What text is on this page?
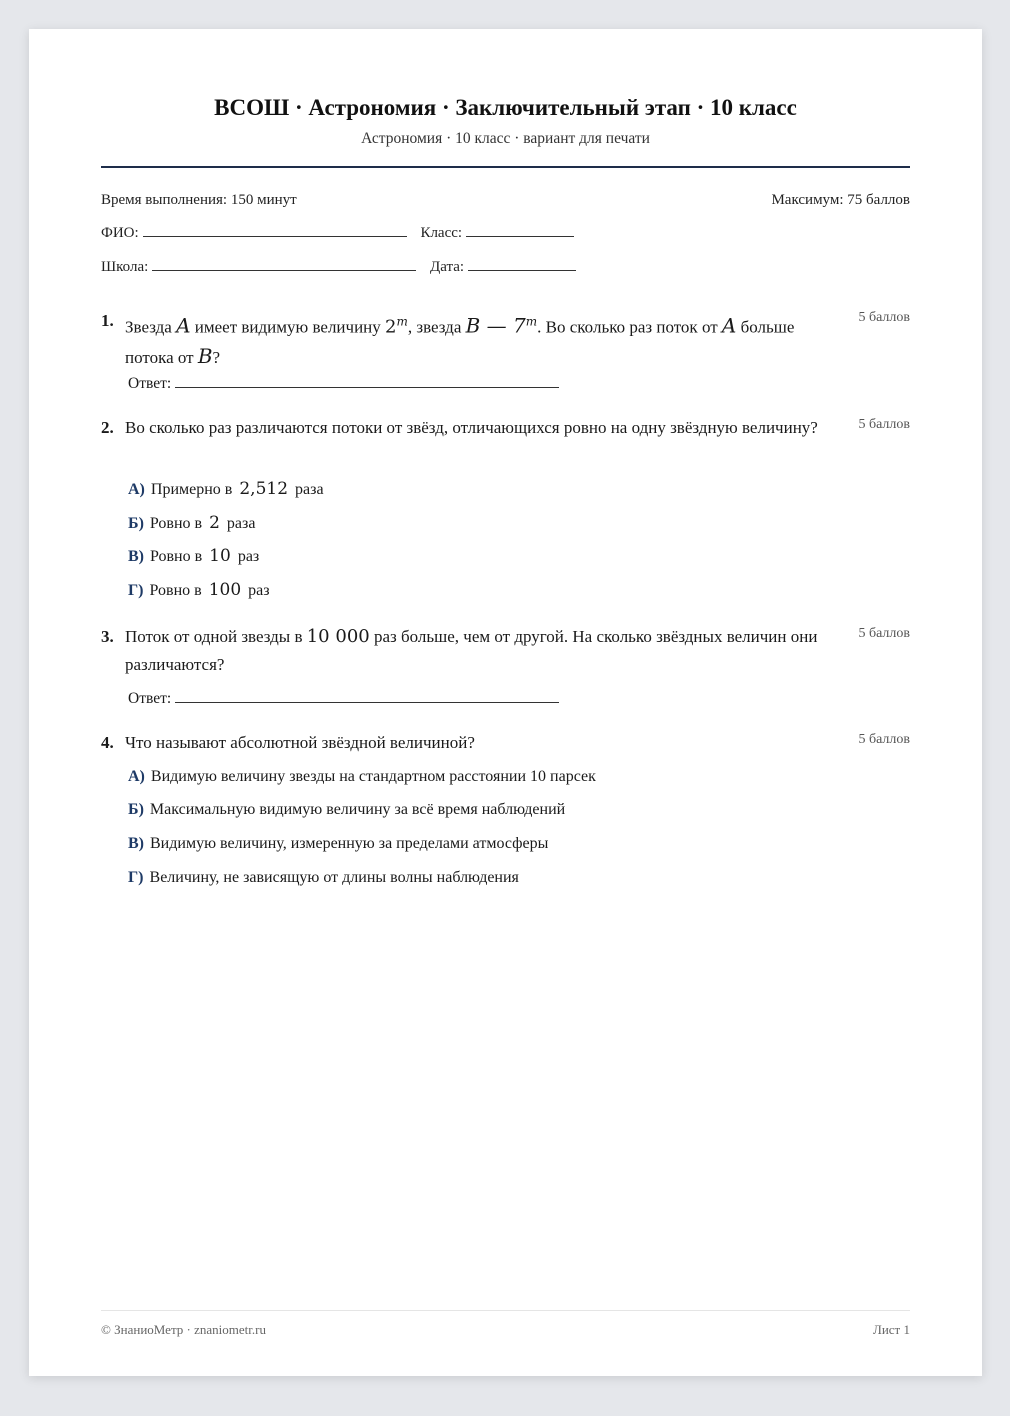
ВСОШ · Астрономия · Заключительный этап · 10 класс
Астрономия · 10 класс · вариант для печати
Время выполнения: 150 минут	Максимум: 75 баллов
ФИО:	Класс:
Школа:	Дата:
1. Звезда A имеет видимую величину 2$^m$, звезда B — 7$^m$. Во сколько раз поток от A больше потока от B?
5 баллов
Ответ:
2. Во сколько раз различаются потоки от звёзд, отличающихся ровно на одну звёздную величину?	5 баллов
А) Примерно в 2,512 раза
Б) Ровно в 2 раза
В) Ровно в 10 раз
Г) Ровно в 100 раз
3. Поток от одной звезды в 10 000 раз больше, чем от другой. На сколько звёздных величин они различаются?
5 баллов
Ответ:
4. Что называют абсолютной звёздной величиной?	5 баллов
А) Видимую величину звезды на стандартном расстоянии 10 парсек
Б) Максимальную видимую величину за всё время наблюдений
В) Видимую величину, измеренную за пределами атмосферы
Г) Величину, не зависящую от длины волны наблюдения
© ЗнаниоМетр · znaniometr.ru	Лист 1
